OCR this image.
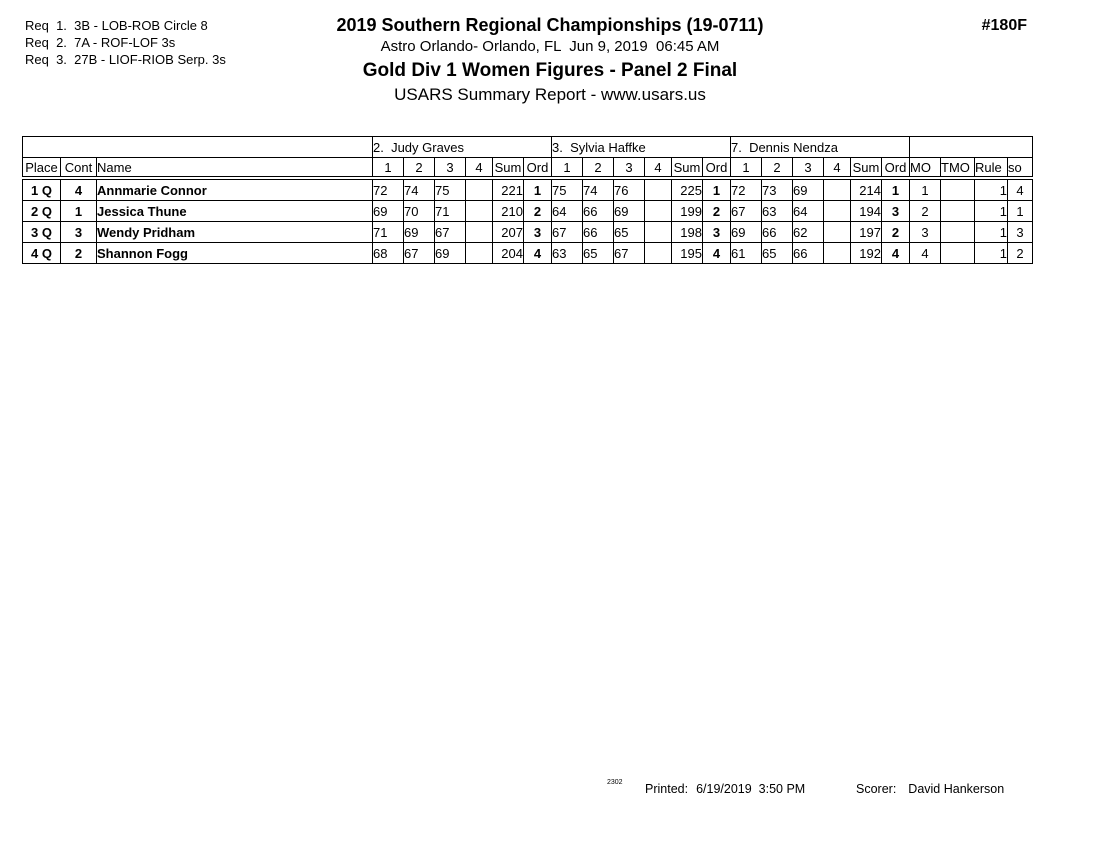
Req  1.  3B - LOB-ROB Circle 8
Req  2.  7A - ROF-LOF 3s
Req  3.  27B - LIOF-RIOB Serp. 3s
2019 Southern Regional Championships (19-0711)
Astro Orlando- Orlando, FL  Jun 9, 2019  06:45 AM
Gold Div 1 Women Figures - Panel 2 Final
USARS Summary Report - www.usars.us
#180F
			2.  Judy Graves						3.  Sylvia Haffke						7.  Dennis Nendza									
Place	Cont	Name	1	2	3	4	Sum	Ord	1	2	3	4	Sum	Ord	1	2	3	4	Sum	Ord	MO	TMO	Rule	so
1 Q	4	Annmarie Connor	72	74	75		221	1	75	74	76		225	1	72	73	69		214	1	1		1	4
2 Q	1	Jessica Thune	69	70	71		210	2	64	66	69		199	2	67	63	64		194	3	2		1	1
3 Q	3	Wendy Pridham	71	69	67		207	3	67	66	65		198	3	69	66	62		197	2	3		1	3
4 Q	2	Shannon Fogg	68	67	69		204	4	63	65	67		195	4	61	65	66		192	4	4		1	2
2302 Printed: 6/19/2019  3:50 PM	Scorer: David Hankerson
